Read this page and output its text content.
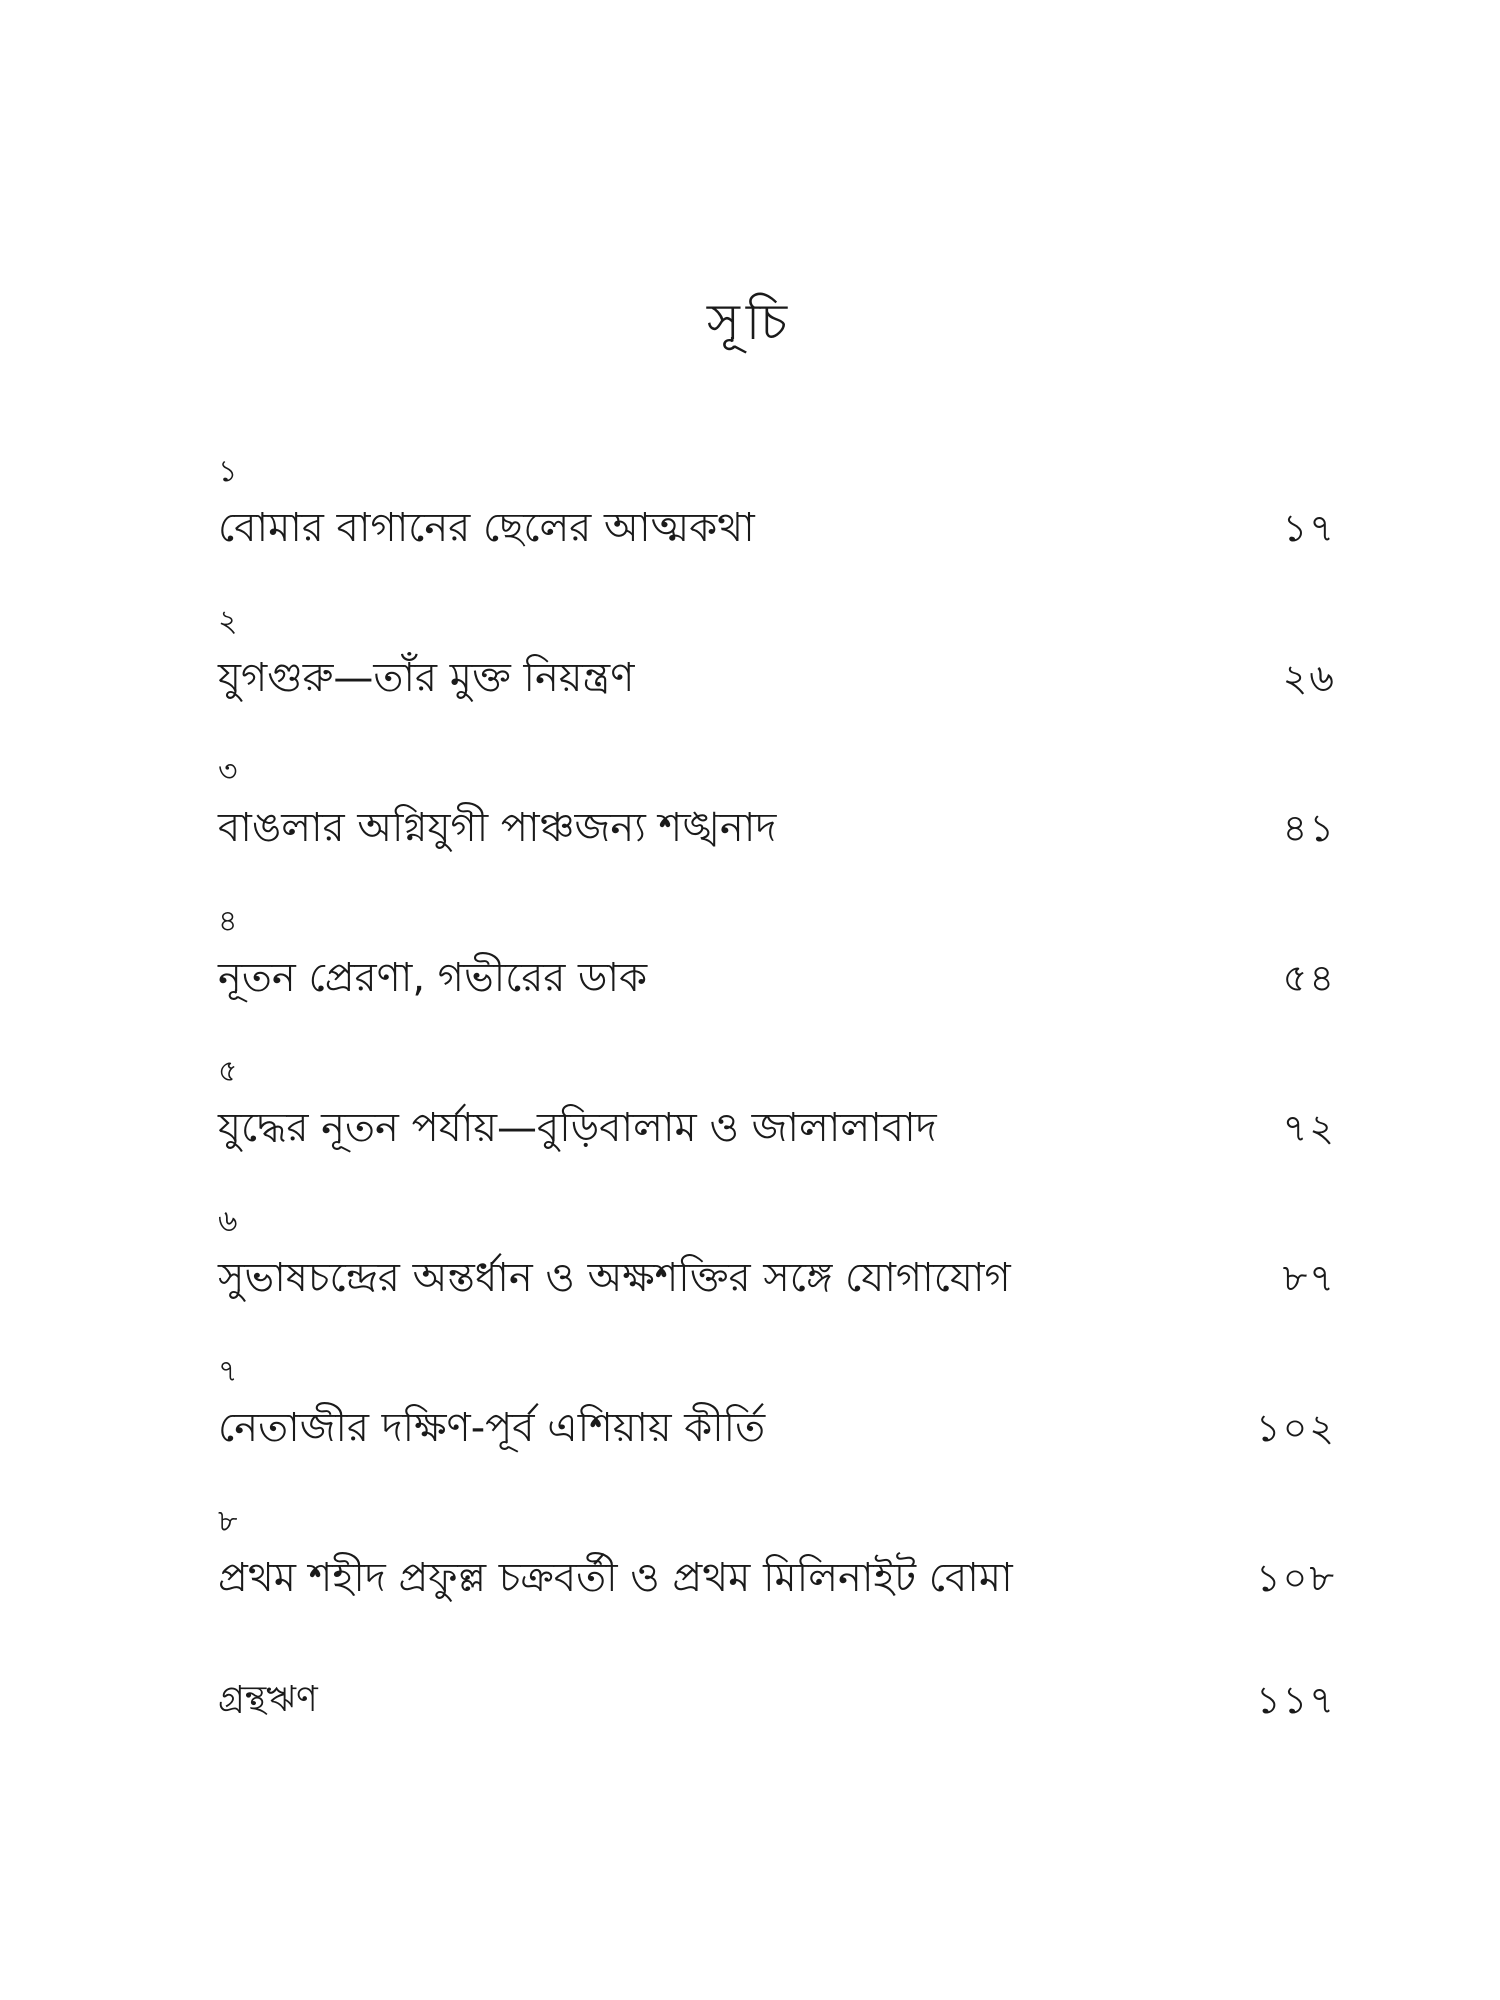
সূচি
১
বোমার বাগানের ছেলের আত্মকথা	১৭
২
যুগগুরু—তাঁর মুক্ত নিয়ন্ত্রণ	২৬
৩
বাঙলার অগ্নিযুগী পাঞ্চজন্য শঙ্খনাদ	৪১
৪
নূতন প্রেরণা, গভীরের ডাক	৫৪
৫
যুদ্ধের নূতন পর্যায়—বুড়িবালাম ও জালালাবাদ	৭২
৬
সুভাষচন্দ্রের অন্তর্ধান ও অক্ষশক্তির সঙ্গে যোগাযোগ	৮৭
৭
নেতাজীর দক্ষিণ-পূর্ব এশিয়ায় কীর্তি	১০২
৮
প্রথম শহীদ প্রফুল্ল চক্রবর্তী ও প্রথম মিলিনাইট বোমা	১০৮
গ্রন্থঋণ	১১৭
